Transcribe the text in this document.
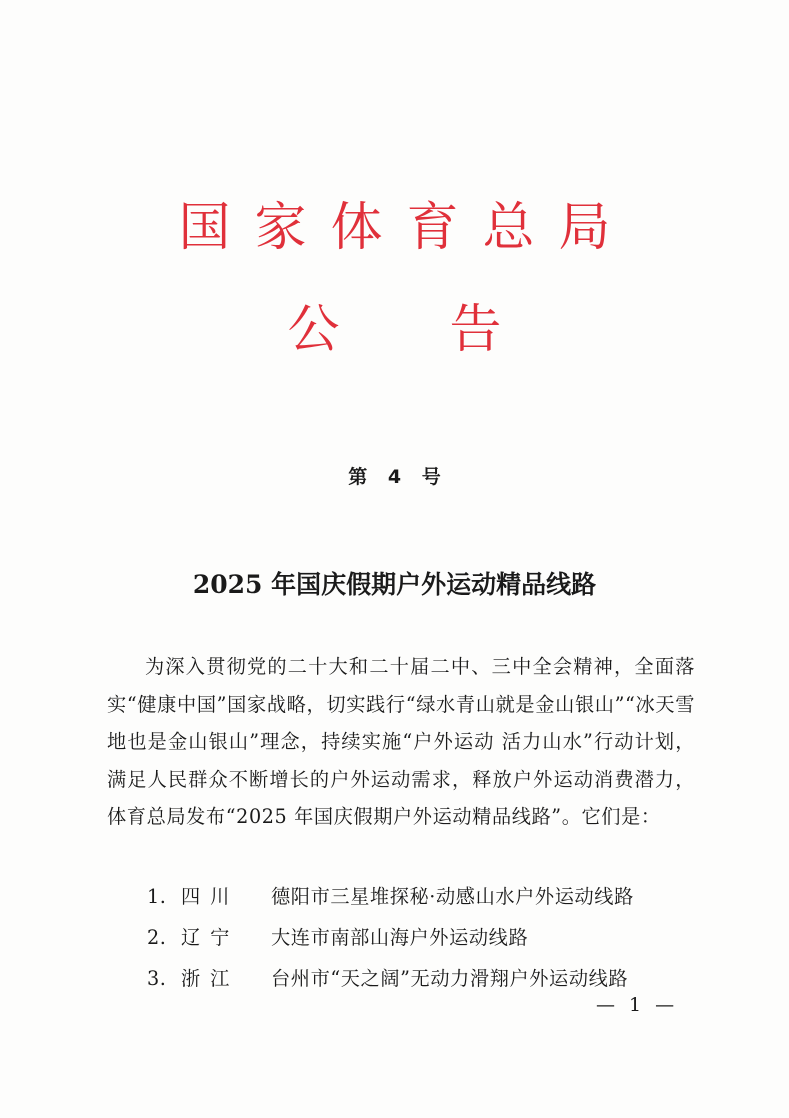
国家体育总局
公告
第 4 号
2025 年国庆假期户外运动精品线路
为深入贯彻党的二十大和二十届二中、三中全会精神，全面落实“健康中国”国家战略，切实践行“绿水青山就是金山银山”“冰天雪地也是金山银山”理念，持续实施“户外运动 活力山水”行动计划，满足人民群众不断增长的户外运动需求，释放户外运动消费潜力，体育总局发布“2025 年国庆假期户外运动精品线路”。它们是：
1. 四川	德阳市三星堆探秘·动感山水户外运动线路
2. 辽宁	大连市南部山海户外运动线路
3. 浙江	台州市“天之阔”无动力滑翔户外运动线路
— 1 —
